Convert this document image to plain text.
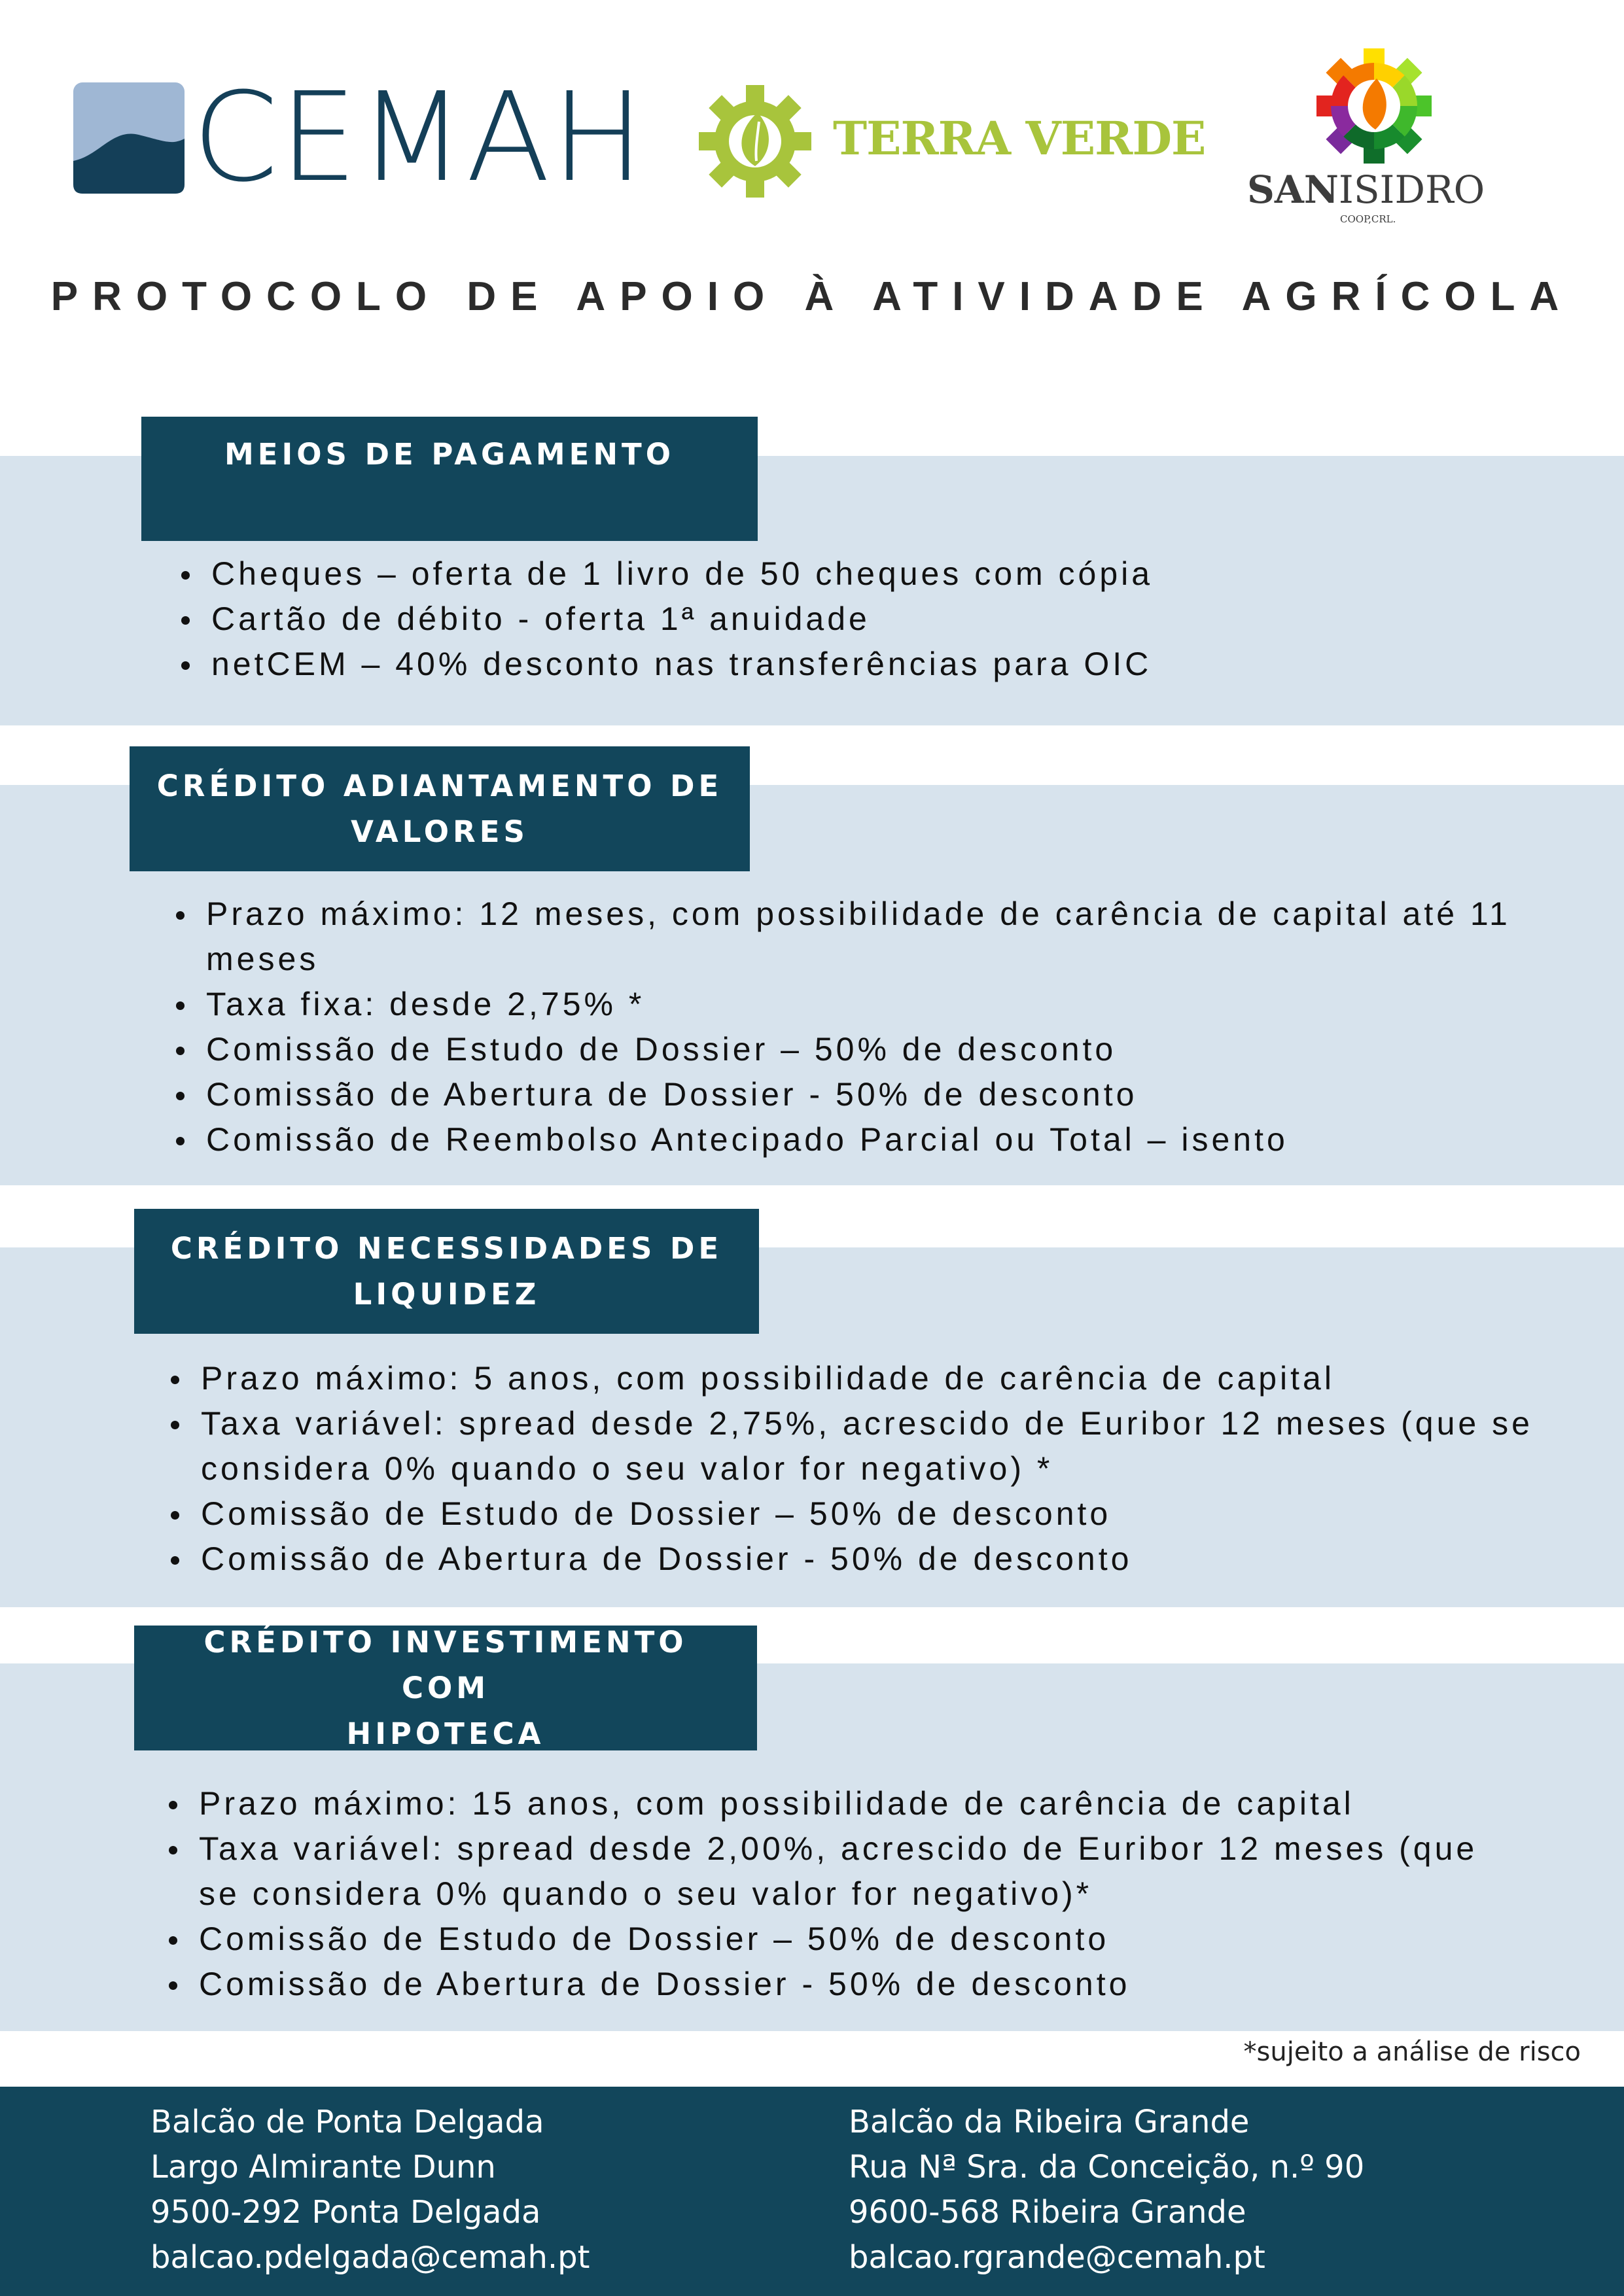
CEMAH	TERRA VERDE
SANISIDRO
COOP,CRL.
PROTOCOLO DE APOIO À ATIVIDADE AGRÍCOLA
MEIOS DE PAGAMENTO
Cheques – oferta de 1 livro de 50 cheques com cópia
Cartão de débito - oferta 1ª anuidade
netCEM – 40% desconto nas transferências para OIC
CRÉDITO ADIANTAMENTO DE
VALORES
Prazo máximo: 12 meses, com possibilidade de carência de capital até 11
meses
Taxa fixa: desde 2,75% *
Comissão de Estudo de Dossier – 50% de desconto
Comissão de Abertura de Dossier - 50% de desconto
Comissão de Reembolso Antecipado Parcial ou Total – isento
CRÉDITO NECESSIDADES DE
LIQUIDEZ
Prazo máximo: 5 anos, com possibilidade de carência de capital
Taxa variável: spread desde 2,75%, acrescido de Euribor 12 meses (que se
considera 0% quando o seu valor for negativo) *
Comissão de Estudo de Dossier – 50% de desconto
Comissão de Abertura de Dossier - 50% de desconto
CRÉDITO INVESTIMENTO COM
HIPOTECA
Prazo máximo: 15 anos, com possibilidade de carência de capital
Taxa variável: spread desde 2,00%, acrescido de Euribor 12 meses (que
se considera 0% quando o seu valor for negativo)*
Comissão de Estudo de Dossier – 50% de desconto
Comissão de Abertura de Dossier - 50% de desconto
*sujeito a análise de risco
Balcão de Ponta Delgada
Largo Almirante Dunn
9500-292 Ponta Delgada
balcao.pdelgada@cemah.pt
Balcão da Ribeira Grande
Rua Nª Sra. da Conceição, n.º 90
9600-568 Ribeira Grande
balcao.rgrande@cemah.pt
